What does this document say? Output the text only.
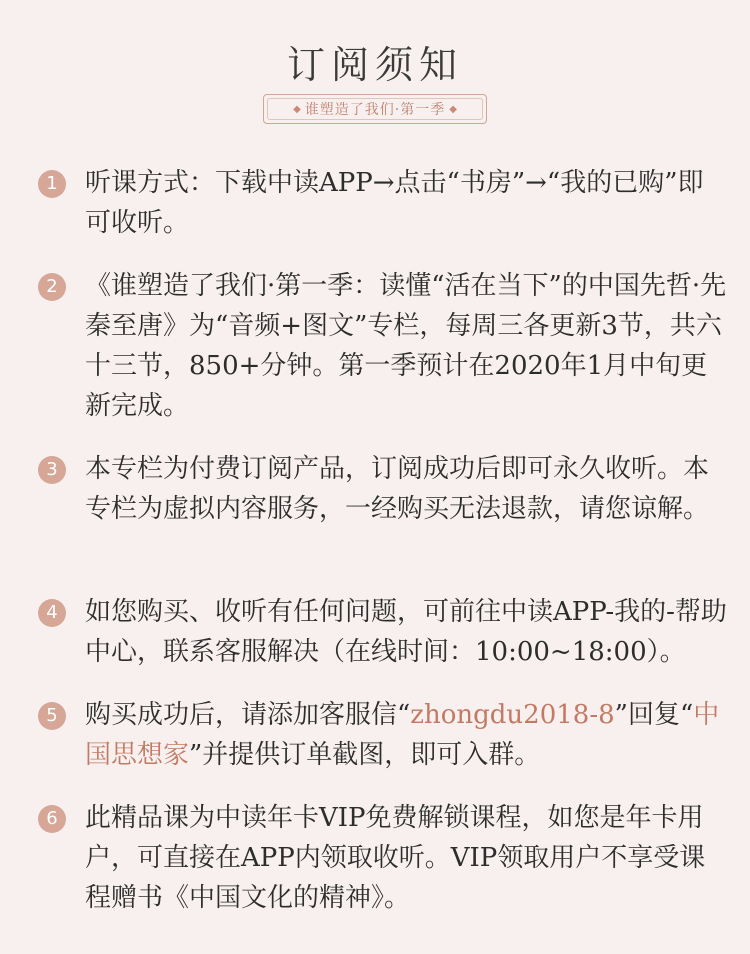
订阅须知
◆ 谁塑造了我们·第一季 ◆
1	听课方式：下载中读APP→点击“书房”→“我的已购”即可收听。
2	《谁塑造了我们·第一季：读懂“活在当下”的中国先哲·先秦至唐》为“音频+图文”专栏，每周三各更新3节，共六十三节，850+分钟。第一季预计在2020年1月中旬更新完成。
3	本专栏为付费订阅产品，订阅成功后即可永久收听。本专栏为虚拟内容服务，一经购买无法退款，请您谅解。
4	如您购买、收听有任何问题，可前往中读APP-我的-帮助中心，联系客服解决（在线时间：10:00~18:00）。
5	购买成功后，请添加客服信“zhongdu2018-8”回复“中国思想家”并提供订单截图，即可入群。
6	此精品课为中读年卡VIP免费解锁课程，如您是年卡用户，可直接在APP内领取收听。VIP领取用户不享受课程赠书《中国文化的精神》。
